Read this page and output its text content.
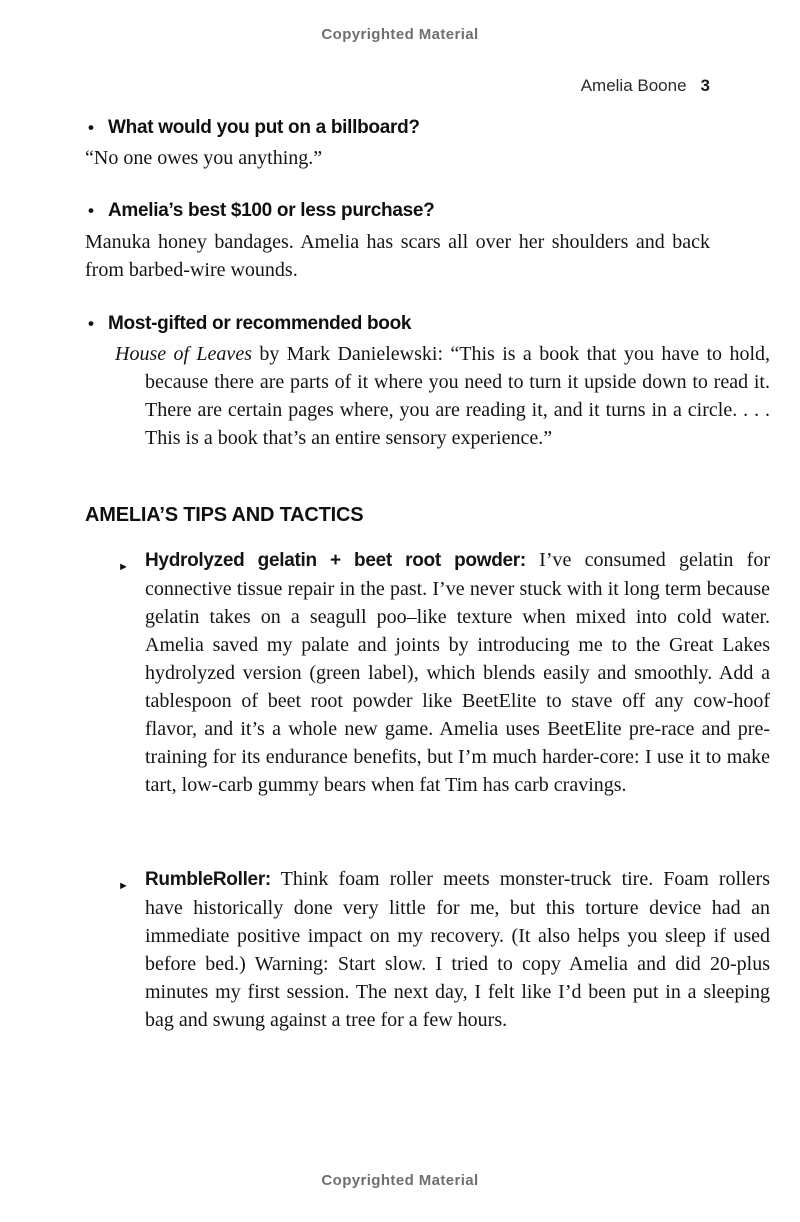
Copyrighted Material
Amelia Boone 3
• What would you put on a billboard?
“No one owes you anything.”
• Amelia’s best $100 or less purchase?
Manuka honey bandages. Amelia has scars all over her shoulders and back from barbed-wire wounds.
• Most-gifted or recommended book
House of Leaves by Mark Danielewski: “This is a book that you have to hold, because there are parts of it where you need to turn it upside down to read it. There are certain pages where, you are reading it, and it turns in a circle. . . . This is a book that’s an entire sensory experience.”
AMELIA’S TIPS AND TACTICS
► Hydrolyzed gelatin + beet root powder: I’ve consumed gelatin for connective tissue repair in the past. I’ve never stuck with it long term because gelatin takes on a seagull poo–like texture when mixed into cold water. Amelia saved my palate and joints by introducing me to the Great Lakes hydrolyzed version (green label), which blends easily and smoothly. Add a tablespoon of beet root powder like BeetElite to stave off any cow-hoof flavor, and it’s a whole new game. Amelia uses BeetElite pre-race and pre-training for its endurance benefits, but I’m much harder-core: I use it to make tart, low-carb gummy bears when fat Tim has carb cravings.
► RumbleRoller: Think foam roller meets monster-truck tire. Foam rollers have historically done very little for me, but this torture device had an immediate positive impact on my recovery. (It also helps you sleep if used before bed.) Warning: Start slow. I tried to copy Amelia and did 20-plus minutes my first session. The next day, I felt like I’d been put in a sleeping bag and swung against a tree for a few hours.
Copyrighted Material
